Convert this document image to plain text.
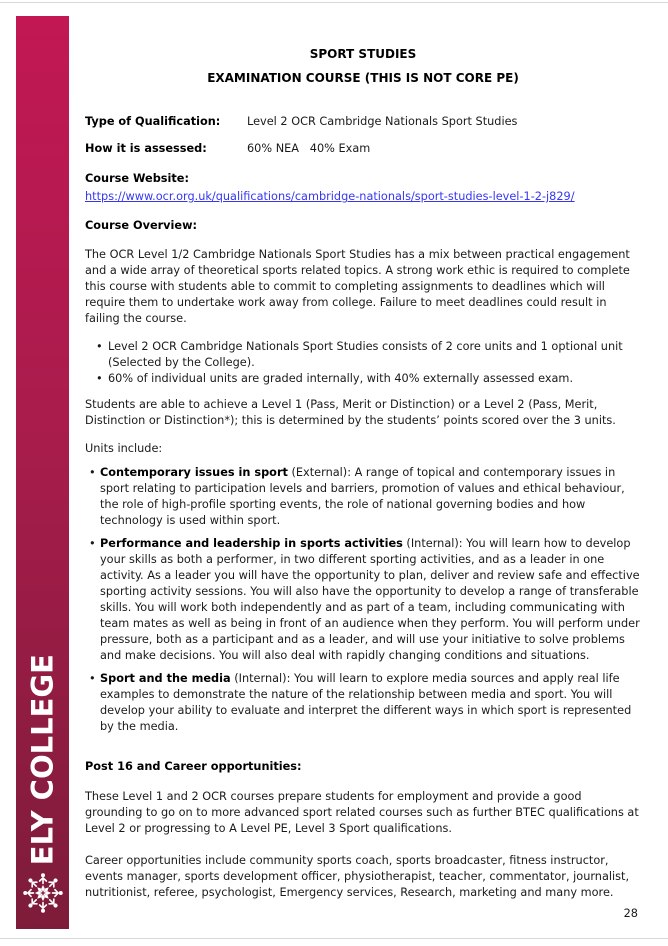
ELY COLLEGE
SPORT STUDIES
EXAMINATION COURSE (THIS IS NOT CORE PE)
Type of Qualification:	Level 2 OCR Cambridge Nationals Sport Studies
How it is assessed:	60% NEA   40% Exam
Course Website:
https://www.ocr.org.uk/qualifications/cambridge-nationals/sport-studies-level-1-2-j829/
Course Overview:
The OCR Level 1/2 Cambridge Nationals Sport Studies has a mix between practical engagement and a wide array of theoretical sports related topics. A strong work ethic is required to complete this course with students able to commit to completing assignments to deadlines which will require them to undertake work away from college. Failure to meet deadlines could result in failing the course.
• Level 2 OCR Cambridge Nationals Sport Studies consists of 2 core units and 1 optional unit (Selected by the College).
• 60% of individual units are graded internally, with 40% externally assessed exam.
Students are able to achieve a Level 1 (Pass, Merit or Distinction) or a Level 2 (Pass, Merit, Distinction or Distinction*); this is determined by the students’ points scored over the 3 units.
Units include:
• Contemporary issues in sport (External): A range of topical and contemporary issues in sport relating to participation levels and barriers, promotion of values and ethical behaviour, the role of high-profile sporting events, the role of national governing bodies and how technology is used within sport.
• Performance and leadership in sports activities (Internal): You will learn how to develop your skills as both a performer, in two different sporting activities, and as a leader in one activity. As a leader you will have the opportunity to plan, deliver and review safe and effective sporting activity sessions. You will also have the opportunity to develop a range of transferable skills. You will work both independently and as part of a team, including communicating with team mates as well as being in front of an audience when they perform. You will perform under pressure, both as a participant and as a leader, and will use your initiative to solve problems and make decisions. You will also deal with rapidly changing conditions and situations.
• Sport and the media (Internal): You will learn to explore media sources and apply real life examples to demonstrate the nature of the relationship between media and sport. You will develop your ability to evaluate and interpret the different ways in which sport is represented by the media.
Post 16 and Career opportunities:
These Level 1 and 2 OCR courses prepare students for employment and provide a good grounding to go on to more advanced sport related courses such as further BTEC qualifications at Level 2 or progressing to A Level PE, Level 3 Sport qualifications.
Career opportunities include community sports coach, sports broadcaster, fitness instructor, events manager, sports development officer, physiotherapist, teacher, commentator, journalist, nutritionist, referee, psychologist, Emergency services, Research, marketing and many more.
28
